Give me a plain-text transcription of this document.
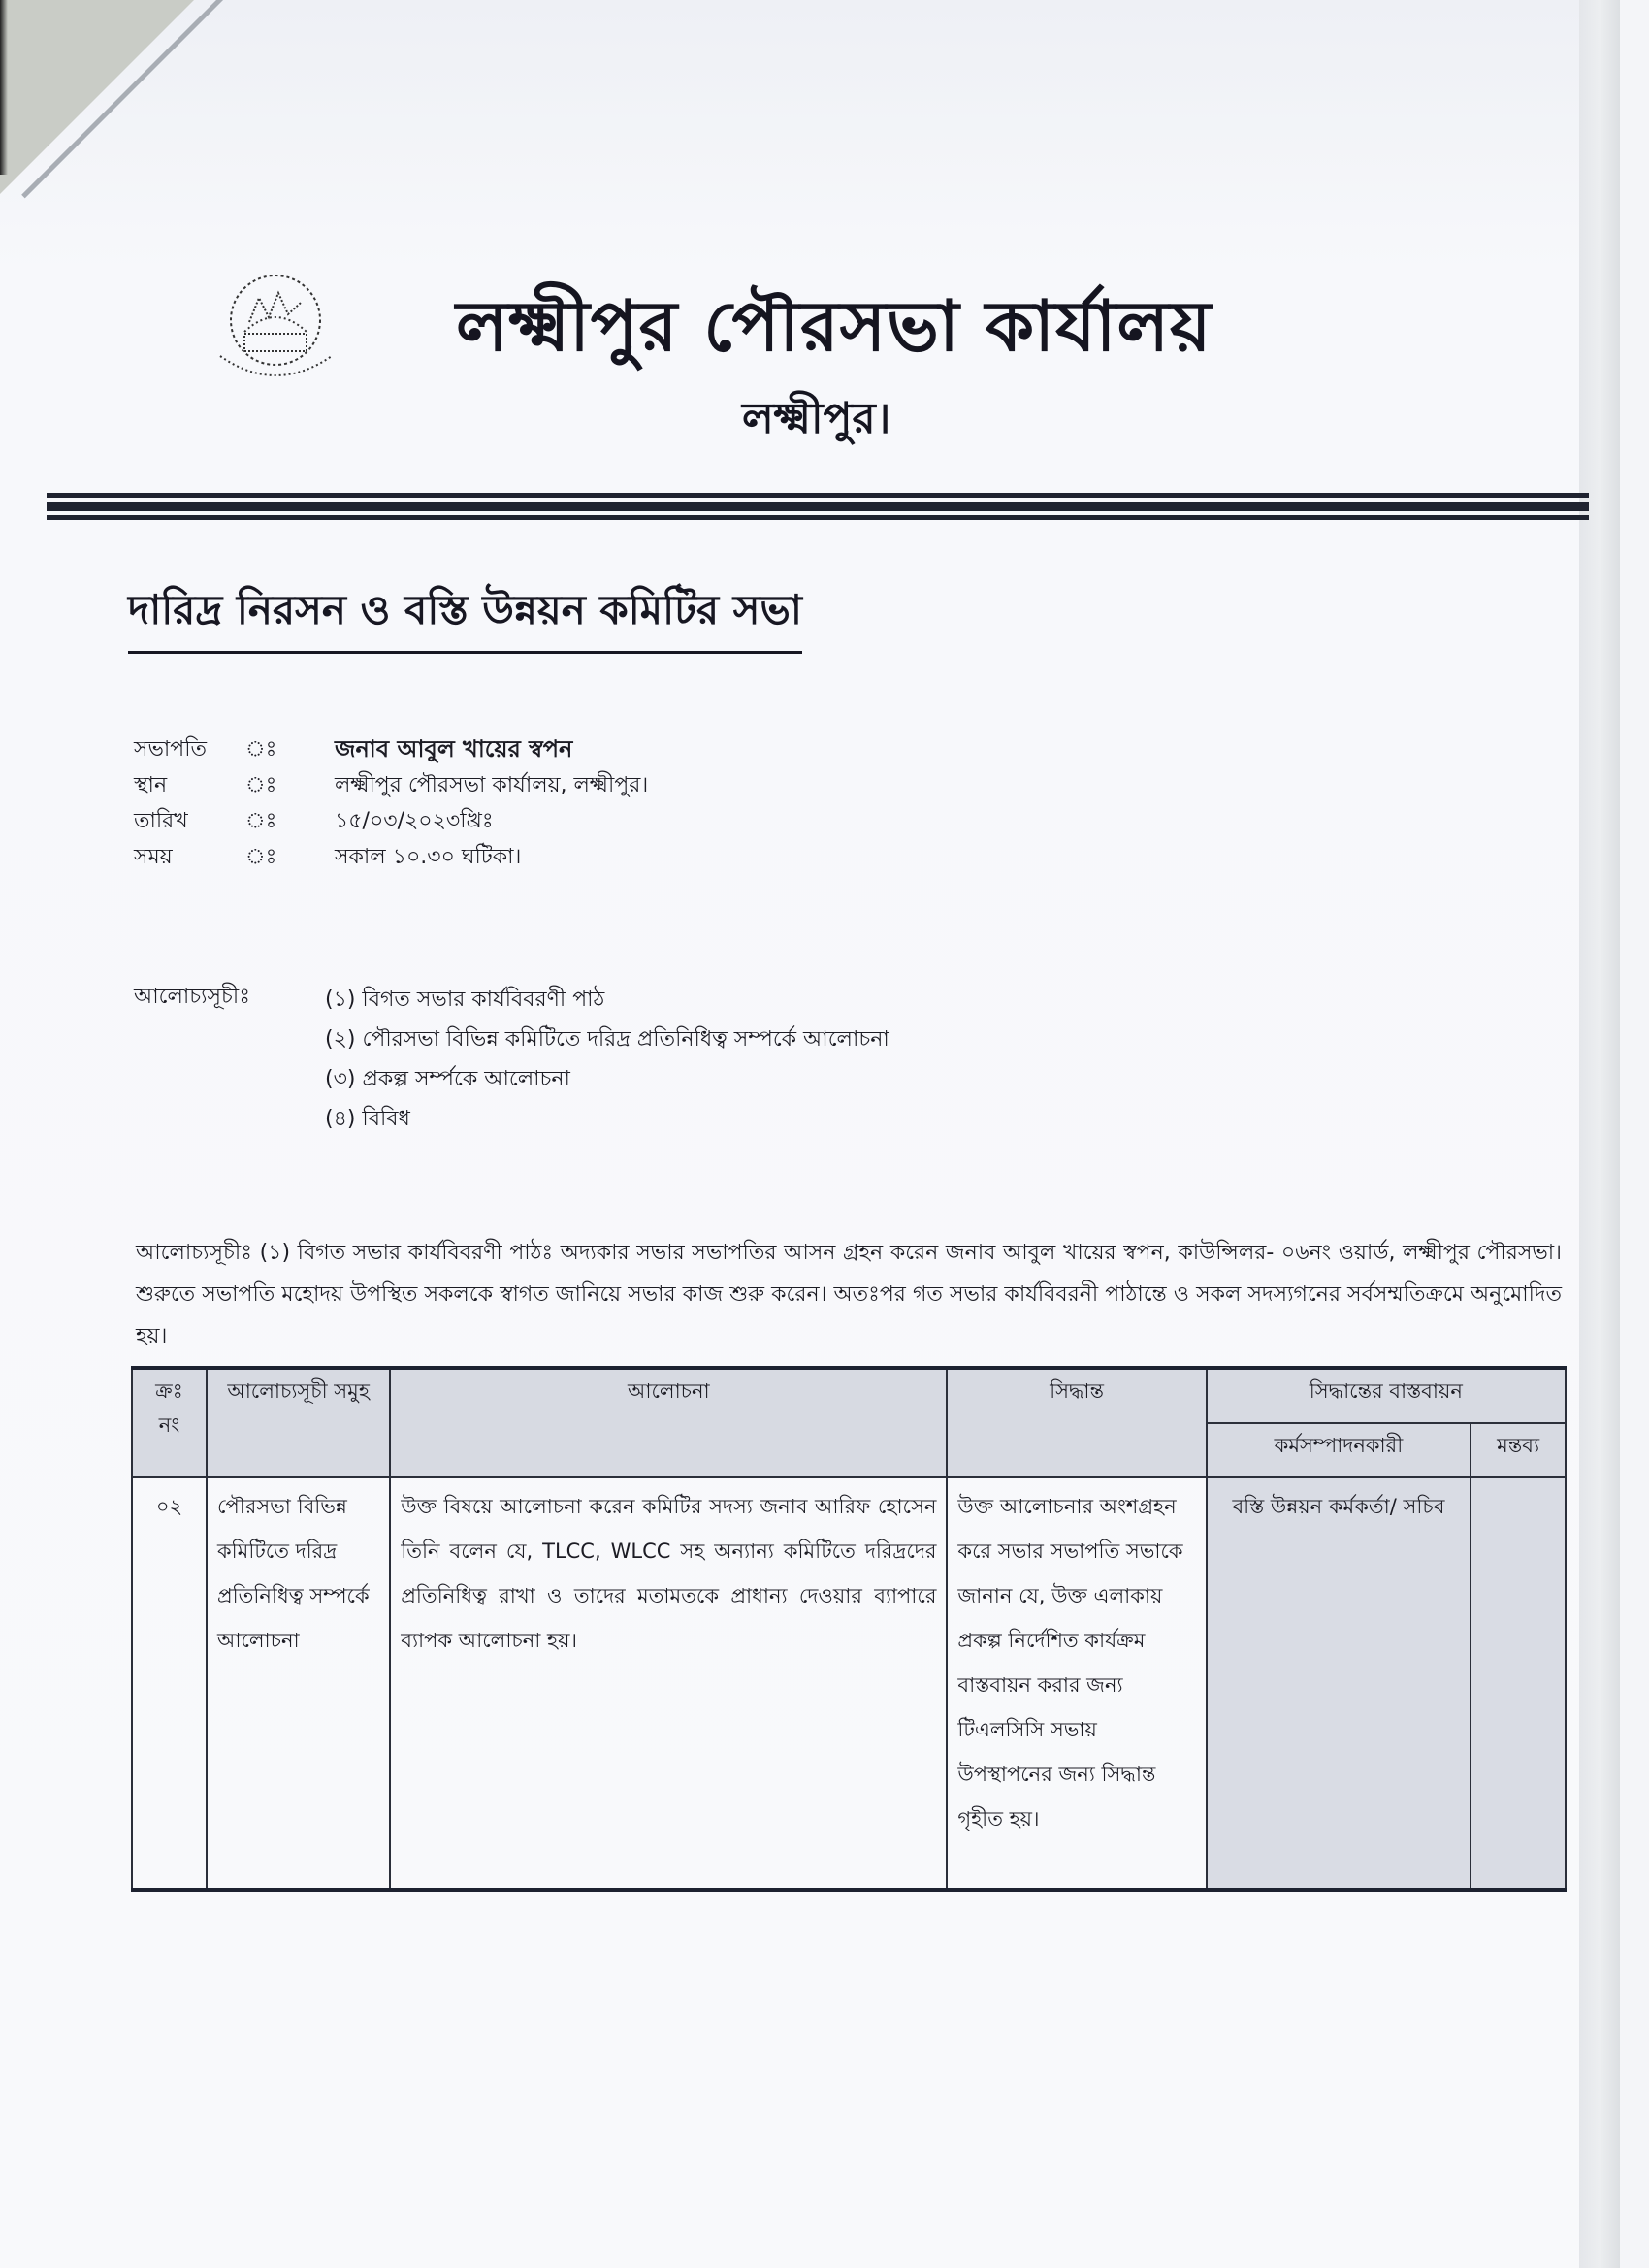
লক্ষ্মীপুর পৌরসভা কার্যালয়
লক্ষ্মীপুর।
দারিদ্র নিরসন ও বস্তি উন্নয়ন কমিটির সভা
সভাপতি	ঃ	জনাব আবুল খায়ের স্বপন
স্থান	ঃ	লক্ষ্মীপুর পৌরসভা কার্যালয়, লক্ষ্মীপুর।
তারিখ	ঃ	১৫/০৩/২০২৩খ্রিঃ
সময়	ঃ	সকাল ১০.৩০ ঘটিকা।
আলোচ্যসূচীঃ	(১) বিগত সভার কার্যবিবরণী পাঠ
(২) পৌরসভা বিভিন্ন কমিটিতে দরিদ্র প্রতিনিধিত্ব সম্পর্কে আলোচনা
(৩) প্রকল্প সর্ম্পকে আলোচনা
(৪) বিবিধ

আলোচ্যসূচীঃ (১) বিগত সভার কার্যবিবরণী পাঠঃ অদ্যকার সভার সভাপতির আসন গ্রহন করেন জনাব আবুল খায়ের স্বপন, কাউন্সিলর- ০৬নং ওয়ার্ড, লক্ষ্মীপুর পৌরসভা। শুরুতে সভাপতি মহোদয় উপস্থিত সকলকে স্বাগত জানিয়ে সভার কাজ শুরু করেন। অতঃপর গত সভার কার্যবিবরনী পাঠান্তে ও সকল সদস্যগনের সর্বসম্মতিক্রমে অনুমোদিত হয়।

ক্রঃ নং	আলোচ্যসূচী সমুহ	আলোচনা	সিদ্ধান্ত	সিদ্ধান্তের বাস্তবায়ন	
				কর্মসম্পাদনকারী	মন্তব্য
০২	পৌরসভা বিভিন্ন কমিটিতে দরিদ্র প্রতিনিধিত্ব সম্পর্কে আলোচনা	উক্ত বিষয়ে আলোচনা করেন কমিটির সদস্য জনাব আরিফ হোসেন তিনি বলেন যে, TLCC, WLCC সহ অন্যান্য কমিটিতে দরিদ্রদের প্রতিনিধিত্ব রাখা ও তাদের মতামতকে প্রাধান্য দেওয়ার ব্যাপারে ব্যাপক আলোচনা হয়।	উক্ত আলোচনার অংশগ্রহন করে সভার সভাপতি সভাকে জানান যে, উক্ত এলাকায় প্রকল্প নির্দেশিত কার্যক্রম বাস্তবায়ন করার জন্য টিএলসিসি সভায় উপস্থাপনের জন্য সিদ্ধান্ত গৃহীত হয়।	বস্তি উন্নয়ন কর্মকর্তা/ সচিব	
